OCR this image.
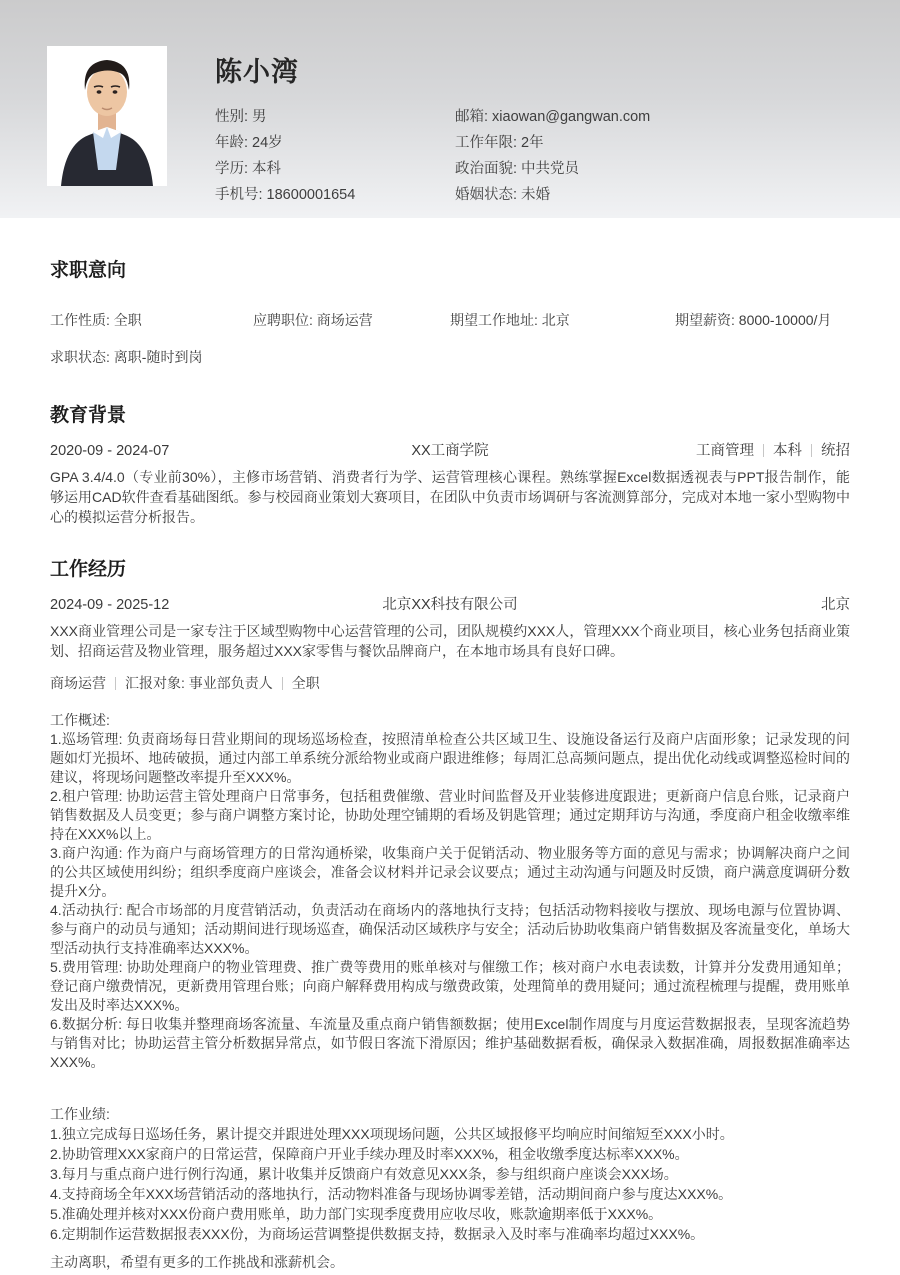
陈小湾
性别: 男	邮箱: xiaowan@gangwan.com
年龄: 24岁	工作年限: 2年
学历: 本科	政治面貌: 中共党员
手机号: 18600001654	婚姻状态: 未婚
求职意向
工作性质: 全职	应聘职位: 商场运营	期望工作地址: 北京	期望薪资: 8000-10000/月
求职状态: 离职-随时到岗
教育背景
2020-09 - 2024-07	XX工商学院	工商管理 本科 统招
GPA 3.4/4.0（专业前30%），主修市场营销、消费者行为学、运营管理核心课程。熟练掌握Excel数据透视表与PPT报告制作，能够运用CAD软件查看基础图纸。参与校园商业策划大赛项目，在团队中负责市场调研与客流测算部分，完成对本地一家小型购物中心的模拟运营分析报告。
工作经历
2024-09 - 2025-12	北京XX科技有限公司	北京
XXX商业管理公司是一家专注于区域型购物中心运营管理的公司，团队规模约XXX人，管理XXX个商业项目，核心业务包括商业策划、招商运营及物业管理，服务超过XXX家零售与餐饮品牌商户，在本地市场具有良好口碑。
商场运营 汇报对象: 事业部负责人 全职
工作概述:
1.巡场管理: 负责商场每日营业期间的现场巡场检查，按照清单检查公共区域卫生、设施设备运行及商户店面形象；记录发现的问题如灯光损坏、地砖破损，通过内部工单系统分派给物业或商户跟进维修；每周汇总高频问题点，提出优化动线或调整巡检时间的建议，将现场问题整改率提升至XXX%。
2.租户管理: 协助运营主管处理商户日常事务，包括租费催缴、营业时间监督及开业装修进度跟进；更新商户信息台账，记录商户销售数据及人员变更；参与商户调整方案讨论，协助处理空铺期的看场及钥匙管理；通过定期拜访与沟通，季度商户租金收缴率维持在XXX%以上。
3.商户沟通: 作为商户与商场管理方的日常沟通桥梁，收集商户关于促销活动、物业服务等方面的意见与需求；协调解决商户之间的公共区域使用纠纷；组织季度商户座谈会，准备会议材料并记录会议要点；通过主动沟通与问题及时反馈，商户满意度调研分数提升X分。
4.活动执行: 配合市场部的月度营销活动，负责活动在商场内的落地执行支持；包括活动物料接收与摆放、现场电源与位置协调、参与商户的动员与通知；活动期间进行现场巡查，确保活动区域秩序与安全；活动后协助收集商户销售数据及客流量变化，单场大型活动执行支持准确率达XXX%。
5.费用管理: 协助处理商户的物业管理费、推广费等费用的账单核对与催缴工作；核对商户水电表读数，计算并分发费用通知单；登记商户缴费情况，更新费用管理台账；向商户解释费用构成与缴费政策，处理简单的费用疑问；通过流程梳理与提醒，费用账单发出及时率达XXX%。
6.数据分析: 每日收集并整理商场客流量、车流量及重点商户销售额数据；使用Excel制作周度与月度运营数据报表，呈现客流趋势与销售对比；协助运营主管分析数据异常点，如节假日客流下滑原因；维护基础数据看板，确保录入数据准确，周报数据准确率达XXX%。
工作业绩:
1.独立完成每日巡场任务，累计提交并跟进处理XXX项现场问题，公共区域报修平均响应时间缩短至XXX小时。
2.协助管理XXX家商户的日常运营，保障商户开业手续办理及时率XXX%，租金收缴季度达标率XXX%。
3.每月与重点商户进行例行沟通，累计收集并反馈商户有效意见XXX条，参与组织商户座谈会XXX场。
4.支持商场全年XXX场营销活动的落地执行，活动物料准备与现场协调零差错，活动期间商户参与度达XXX%。
5.准确处理并核对XXX份商户费用账单，助力部门实现季度费用应收尽收，账款逾期率低于XXX%。
6.定期制作运营数据报表XXX份，为商场运营调整提供数据支持，数据录入及时率与准确率均超过XXX%。
主动离职，希望有更多的工作挑战和涨薪机会。
